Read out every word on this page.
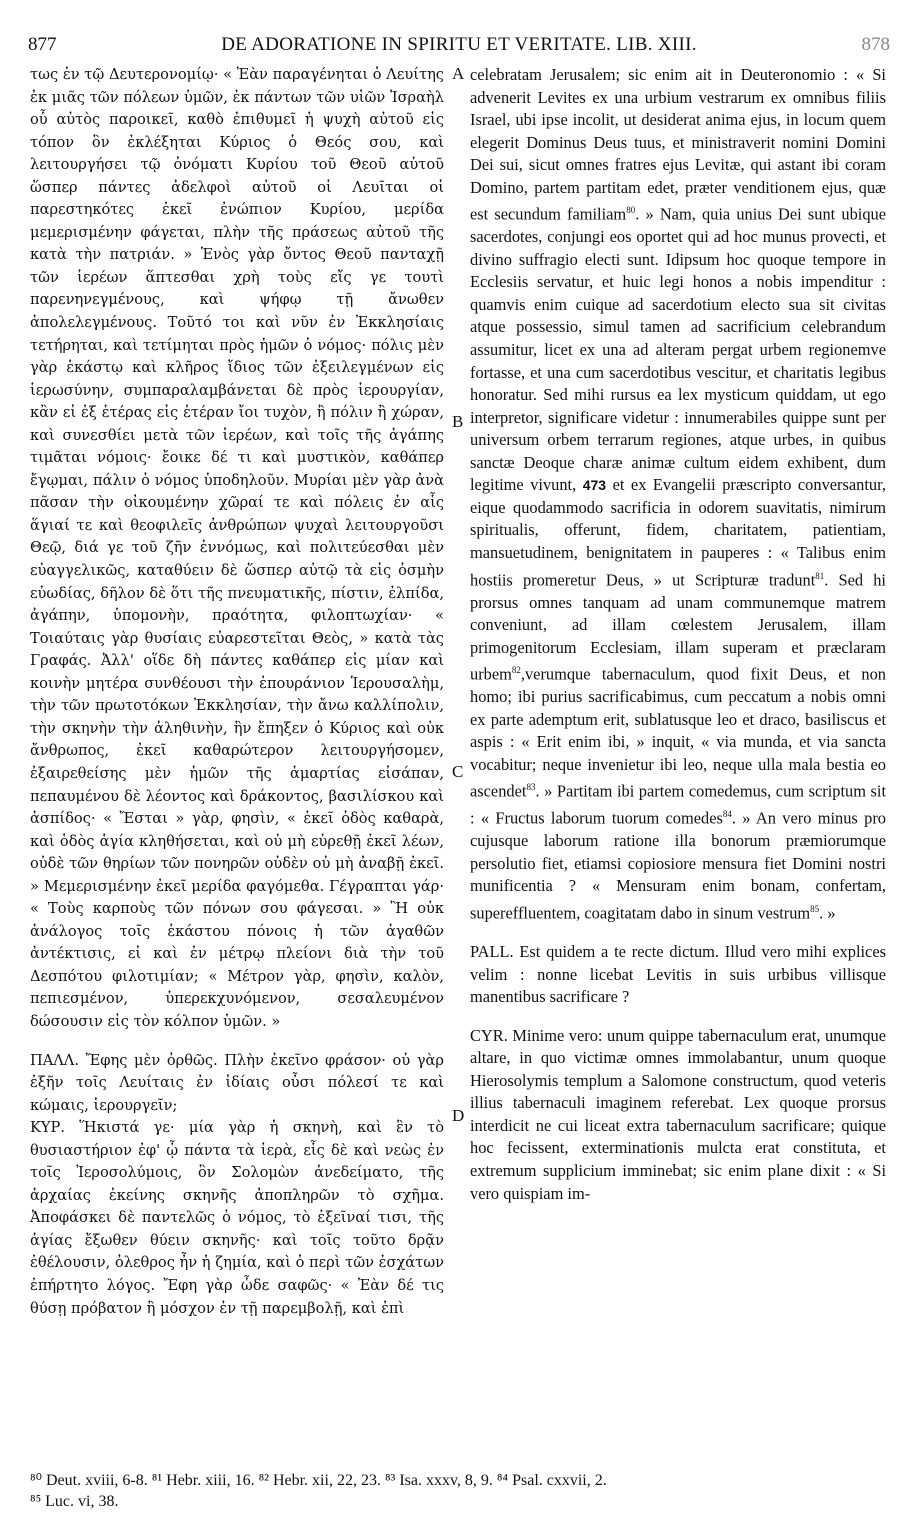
877	DE ADORATIONE IN SPIRITU ET VERITATE. LIB. XIII.	878

τως ἐν τῷ Δευτερονομίῳ· « Ἐὰν παραγένηται ὁ Λευίτης ἐκ μιᾶς τῶν πόλεων ὑμῶν, ἐκ πάντων τῶν υἱῶν Ἰσραὴλ οὗ αὐτὸς παροικεῖ, καθὸ ἐπιθυμεῖ ἡ ψυχὴ αὐτοῦ εἰς τόπον ὃν ἐκλέξηται Κύριος ὁ Θεός σου, καὶ λειτουργήσει τῷ ὀνόματι Κυρίου τοῦ Θεοῦ αὐτοῦ ὥσπερ πάντες ἀδελφοὶ αὐτοῦ οἱ Λευῖται οἱ παρεστηκότες ἐκεῖ ἐνώπιον Κυρίου, μερίδα μεμερισμένην φάγεται, πλὴν τῆς πράσεως αὐτοῦ τῆς κατὰ τὴν πατριάν. » Ἑνὸς γὰρ ὄντος Θεοῦ πανταχῇ τῶν ἱερέων ἅπτεσθαι χρὴ τοὺς εἴς γε τουτὶ παρενηνεγμένους, καὶ ψήφῳ τῇ ἄνωθεν ἀπολελεγμένους. Τοῦτό τοι καὶ νῦν ἐν Ἐκκλησίαις τετήρηται, καὶ τετίμηται πρὸς ἡμῶν ὁ νόμος· πόλις μὲν γὰρ ἑκάστῳ καὶ κλῆρος ἴδιος τῶν ἐξειλεγμένων εἰς ἱερωσύνην, συμπαραλαμβάνεται δὲ πρὸς ἱερουργίαν, κἂν εἰ ἐξ ἑτέρας εἰς ἑτέραν ἴοι τυχὸν, ἢ πόλιν ἢ χώραν, καὶ συνεσθίει μετὰ τῶν ἱερέων, καὶ τοῖς τῆς ἀγάπης τιμᾶται νόμοις· ἔοικε δέ τι καὶ μυστικὸν, καθάπερ ἔγῳμαι, πάλιν ὁ νόμος ὑποδηλοῦν. Μυρίαι μὲν γὰρ ἀνὰ πᾶσαν τὴν οἰκουμένην χῶραί τε καὶ πόλεις ἐν αἷς ἅγιαί τε καὶ θεοφιλεῖς ἀνθρώπων ψυχαὶ λειτουργοῦσι Θεῷ, διά γε τοῦ ζῆν ἐννόμως, καὶ πολιτεύεσθαι μὲν εὐαγγελικῶς, καταθύειν δὲ ὥσπερ αὐτῷ τὰ εἰς ὀσμὴν εὐωδίας, δῆλον δὲ ὅτι τῆς πνευματικῆς, πίστιν, ἐλπίδα, ἀγάπην, ὑπομονὴν, πραότητα, φιλοπτωχίαν· « Τοιαύταις γὰρ θυσίαις εὐαρεστεῖται Θεὸς, » κατὰ τὰς Γραφάς. Ἀλλ' οἵδε δὴ πάντες καθάπερ εἰς μίαν καὶ κοινὴν μητέρα συνθέουσι τὴν ἐπουράνιον Ἱερουσαλὴμ, τὴν τῶν πρωτοτόκων Ἐκκλησίαν, τὴν ἄνω καλλίπολιν, τὴν σκηνὴν τὴν ἀληθινὴν, ἣν ἔπηξεν ὁ Κύριος καὶ οὐκ ἄνθρωπος, ἐκεῖ καθαρώτερον λειτουργήσομεν, ἐξαιρεθείσης μὲν ἡμῶν τῆς ἁμαρτίας εἰσάπαν, πεπαυμένου δὲ λέοντος καὶ δράκοντος, βασιλίσκου καὶ ἀσπίδος· « Ἔσται » γὰρ, φησὶν, « ἐκεῖ ὁδὸς καθαρὰ, καὶ ὁδὸς ἁγία κληθήσεται, καὶ οὐ μὴ εὑρεθῇ ἐκεῖ λέων, οὐδὲ τῶν θηρίων τῶν πονηρῶν οὐδὲν οὐ μὴ ἀναβῇ ἐκεῖ. » Μεμερισμένην ἐκεῖ μερίδα φαγόμεθα. Γέγραπται γάρ· « Τοὺς καρποὺς τῶν πόνων σου φάγεσαι. » Ἢ οὐκ ἀνάλογος τοῖς ἑκάστου πόνοις ἡ τῶν ἀγαθῶν ἀντέκτισις, εἰ καὶ ἐν μέτρῳ πλείονι διὰ τὴν τοῦ Δεσπότου φιλοτιμίαν; « Μέτρον γὰρ, φησὶν, καλὸν, πεπιεσμένον, ὑπερεκχυνόμενον, σεσαλευμένον δώσουσιν εἰς τὸν κόλπον ὑμῶν. »

ΠΑΛΛ. Ἔφης μὲν ὀρθῶς. Πλὴν ἐκεῖνο φράσον· οὐ γὰρ ἐξῆν τοῖς Λευίταις ἐν ἰδίαις οὖσι πόλεσί τε καὶ κώμαις, ἱερουργεῖν;

ΚΥΡ. Ἥκιστά γε· μία γὰρ ἡ σκηνὴ, καὶ ἓν τὸ θυσιαστήριον ἐφ' ᾧ πάντα τὰ ἱερὰ, εἷς δὲ καὶ νεὼς ἐν τοῖς Ἱεροσολύμοις, ὃν Σολομὼν ἀνεδείματο, τῆς ἀρχαίας ἐκείνης σκηνῆς ἀποπληρῶν τὸ σχῆμα. Ἀποφάσκει δὲ παντελῶς ὁ νόμος, τὸ ἐξεῖναί τισι, τῆς ἁγίας ἔξωθεν θύειν σκηνῆς· καὶ τοῖς τοῦτο δρᾷν ἐθέλουσιν, ὀλεθρος ἦν ἡ ζημία, καὶ ὁ περὶ τῶν ἐσχάτων ἐπήρτητο λόγος. Ἔφη γὰρ ὧδε σαφῶς· « Ἐὰν δέ τις θύσῃ πρόβατον ἢ μόσχον ἐν τῇ παρεμβολῇ, καὶ ἐπὶ

A
B
C
D

celebratam Jerusalem; sic enim ait in Deuteronomio : « Si advenerit Levites ex una urbium vestrarum ex omnibus filiis Israel, ubi ipse incolit, ut desiderat anima ejus, in locum quem elegerit Dominus Deus tuus, et ministraverit nomini Domini Dei sui, sicut omnes fratres ejus Levitæ, qui astant ibi coram Domino, partem partitam edet, præter venditionem ejus, quæ est secundum familiam$^{80}$. » Nam, quia unius Dei sunt ubique sacerdotes, conjungi eos oportet qui ad hoc munus provecti, et divino suffragio electi sunt. Idipsum hoc quoque tempore in Ecclesiis servatur, et huic legi honos a nobis impenditur : quamvis enim cuique ad sacerdotium electo sua sit civitas atque possessio, simul tamen ad sacrificium celebrandum assumitur, licet ex una ad alteram pergat urbem regionemve fortasse, et una cum sacerdotibus vescitur, et charitatis legibus honoratur. Sed mihi rursus ea lex mysticum quiddam, ut ego interpretor, significare videtur : innumerabiles quippe sunt per universum orbem terrarum regiones, atque urbes, in quibus sanctæ Deoque charæ animæ cultum eidem exhibent, dum legitime vivunt, 473 et ex Evangelii præscripto conversantur, eique quodammodo sacrificia in odorem suavitatis, nimirum spiritualis, offerunt, fidem, charitatem, patientiam, mansuetudinem, benignitatem in pauperes : « Talibus enim hostiis promeretur Deus, » ut Scripturæ tradunt$^{81}$. Sed hi prorsus omnes tanquam ad unam communemque matrem conveniunt, ad illam cœlestem Jerusalem, illam primogenitorum Ecclesiam, illam superam et præclaram urbem$^{82}$,verumque tabernaculum, quod fixit Deus, et non homo; ibi purius sacrificabimus, cum peccatum a nobis omni ex parte ademptum erit, sublatusque leo et draco, basiliscus et aspis : « Erit enim ibi, » inquit, « via munda, et via sancta vocabitur; neque invenietur ibi leo, neque ulla mala bestia eo ascendet$^{83}$. » Partitam ibi partem comedemus, cum scriptum sit : « Fructus laborum tuorum comedes$^{84}$. » An vero minus pro cujusque laborum ratione illa bonorum præmiorumque persolutio fiet, etiamsi copiosiore mensura fiet Domini nostri munificentia ? « Mensuram enim bonam, confertam, supereffluentem, coagitatam dabo in sinum vestrum$^{85}$. »

PALL. Est quidem a te recte dictum. Illud vero mihi explices velim : nonne licebat Levitis in suis urbibus villisque manentibus sacrificare ?

CYR. Minime vero: unum quippe tabernaculum erat, unumque altare, in quo victimæ omnes immolabantur, unum quoque Hierosolymis templum a Salomone constructum, quod veteris illius tabernaculi imaginem referebat. Lex quoque prorsus interdicit ne cui liceat extra tabernaculum sacrificare; quique hoc fecissent, exterminationis mulcta erat constituta, et extremum supplicium imminebat; sic enim plane dixit : « Si vero quispiam im-

⁸⁰ Deut. xviii, 6-8. ⁸¹ Hebr. xiii, 16. ⁸² Hebr. xii, 22, 23. ⁸³ Isa. xxxv, 8, 9. ⁸⁴ Psal. cxxvii, 2.
⁸⁵ Luc. vi, 38.
